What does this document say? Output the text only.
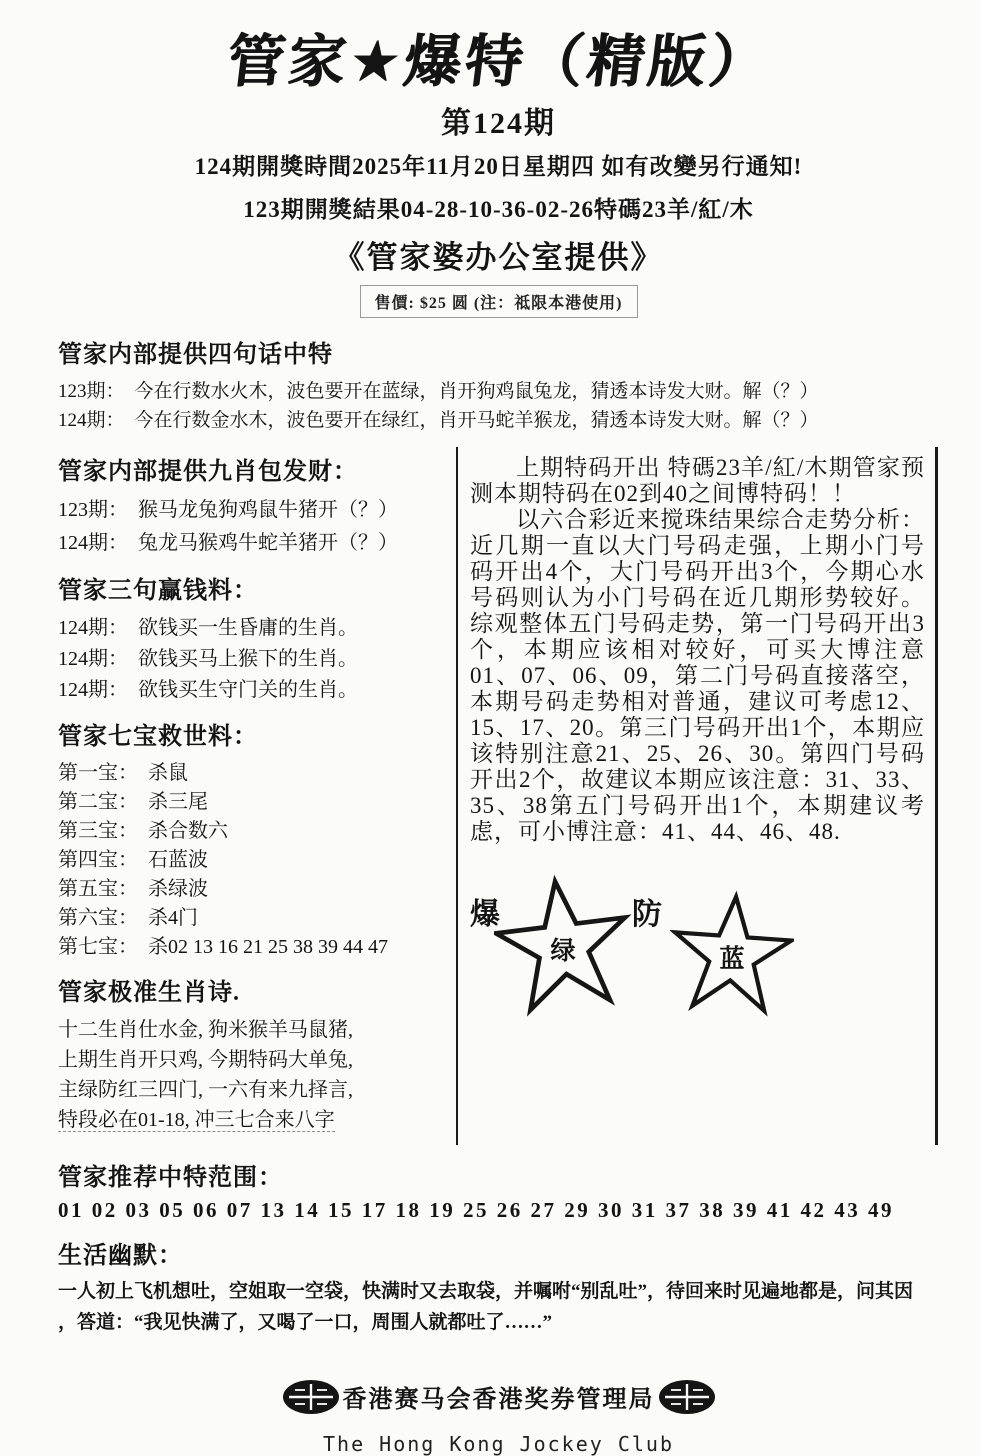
管家★爆特（精版）
第124期
124期開獎時間2025年11月20日星期四 如有改變另行通知!
123期開獎結果04-28-10-36-02-26特碼23羊/紅/木
《管家婆办公室提供》
售價: $25 圆 (注：祗限本港使用)
管家内部提供四句话中特
123期： 今在行数水火木，波色要开在蓝绿，肖开狗鸡鼠兔龙，猜透本诗发大财。解（？）
124期： 今在行数金水木，波色要开在绿红，肖开马蛇羊猴龙，猜透本诗发大财。解（？）
管家内部提供九肖包发财：
123期： 猴马龙兔狗鸡鼠牛猪开（？）
124期： 兔龙马猴鸡牛蛇羊猪开（？）
管家三句赢钱料：
124期： 欲钱买一生昏庸的生肖。
124期： 欲钱买马上猴下的生肖。
124期： 欲钱买生守门关的生肖。
管家七宝救世料：
第一宝： 杀鼠
第二宝： 杀三尾
第三宝： 杀合数六
第四宝： 石蓝波
第五宝： 杀绿波
第六宝： 杀4门
第七宝： 杀02 13 16 21 25 38 39 44 47
管家极准生肖诗.
十二生肖仕水金, 狗米猴羊马鼠猪,
上期生肖开只鸡, 今期特码大单兔,
主绿防红三四门, 一六有来九择言,
特段必在01-18, 冲三七合来八字

上期特码开出 特碼23羊/紅/木期管家预测本期特码在02到40之间博特码！！

以六合彩近来搅珠结果综合走势分析：近几期一直以大门号码走强，上期小门号码开出4个，大门号码开出3个，今期心水号码则认为小门号码在近几期形势较好。综观整体五门号码走势，第一门号码开出3个，本期应该相对较好，可买大博注意01、07、06、09，第二门号码直接落空，本期号码走势相对普通，建议可考虑12、15、17、20。第三门号码开出1个，本期应该特别注意21、25、26、30。第四门号码开出2个，故建议本期应该注意：31、33、35、38第五门号码开出1个，本期建议考虑，可小博注意：41、44、46、48.

爆
绿
防
蓝
管家推荐中特范围：
01 02 03 05 06 07 13 14 15 17 18 19 25 26 27 29 30 31 37 38 39 41 42 43 49
生活幽默：
一人初上飞机想吐，空姐取一空袋，快满时又去取袋，并嘱咐“别乱吐”，待回来时见遍地都是，问其因
，答道：“我见快满了，又喝了一口，周围人就都吐了……”
香港赛马会香港奖券管理局
The Hong Kong Jockey Club
